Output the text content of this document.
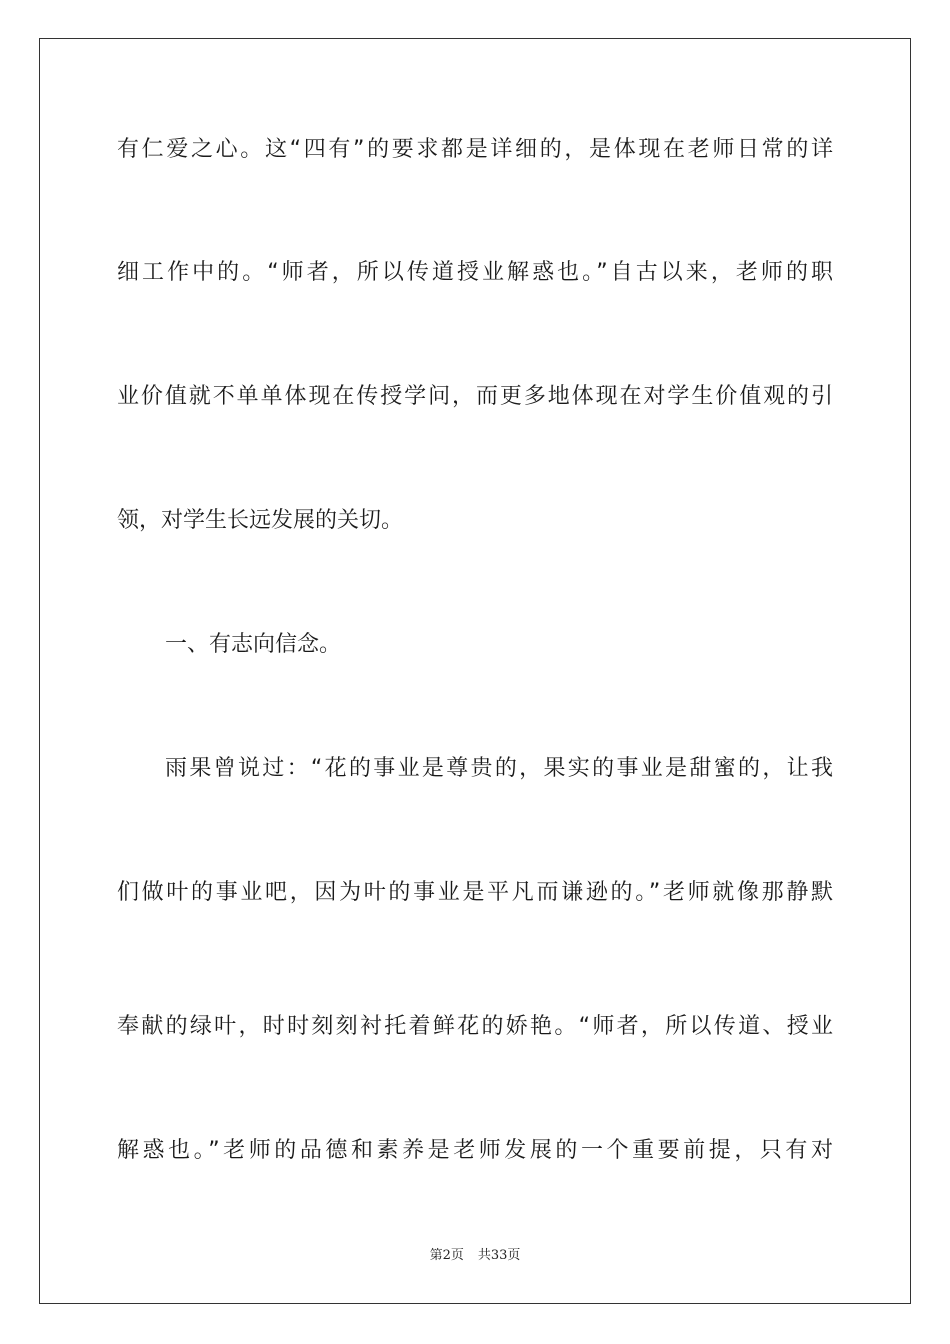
有仁爱之心。这“四有”的要求都是详细的，是体现在老师日常的详
细工作中的。“师者，所以传道授业解惑也。”自古以来，老师的职
业价值就不单单体现在传授学问，而更多地体现在对学生价值观的引
领，对学生长远发展的关切。
一、有志向信念。
雨果曾说过：“花的事业是尊贵的，果实的事业是甜蜜的，让我
们做叶的事业吧，因为叶的事业是平凡而谦逊的。”老师就像那静默
奉献的绿叶，时时刻刻衬托着鲜花的娇艳。“师者，所以传道、授业
解惑也。”老师的品德和素养是老师发展的一个重要前提，只有对
第2页 共33页
